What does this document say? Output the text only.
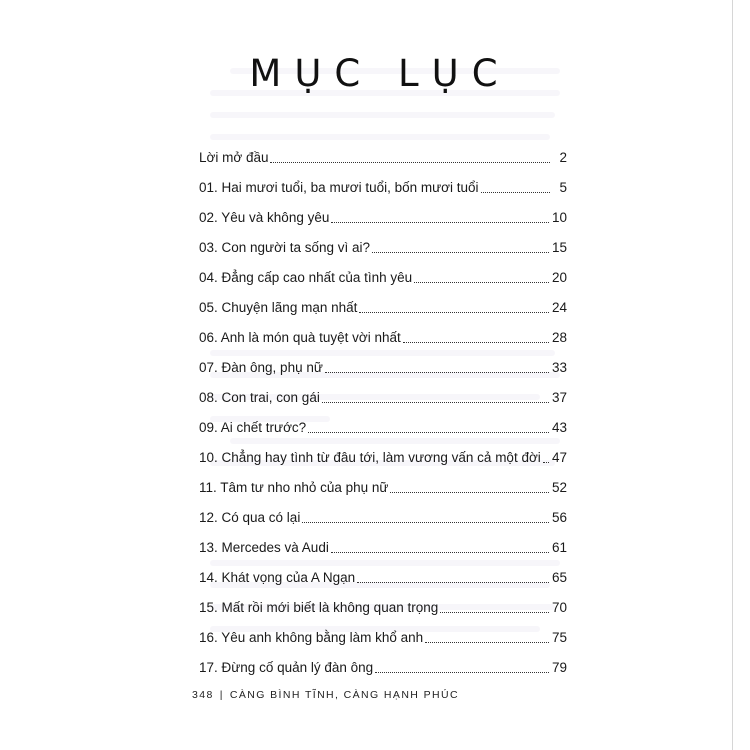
MỤC LỤC
Lời mở đầu	2
01. Hai mươi tuổi, ba mươi tuổi, bốn mươi tuổi	5
02. Yêu và không yêu	10
03. Con người ta sống vì ai?	15
04. Đẳng cấp cao nhất của tình yêu	20
05. Chuyện lãng mạn nhất	24
06. Anh là món quà tuyệt vời nhất	28
07. Đàn ông, phụ nữ	33
08. Con trai, con gái	37
09. Ai chết trước?	43
10. Chẳng hay tình từ đâu tới, làm vương vấn cả một đời 47
11. Tâm tư nho nhỏ của phụ nữ	52
12. Có qua có lại	56
13. Mercedes và Audi	61
14. Khát vọng của A Ngạn	65
15. Mất rồi mới biết là không quan trọng	70
16. Yêu anh không bằng làm khổ anh	75
17. Đừng cố quản lý đàn ông	79
348 | CÀNG BÌNH TĨNH, CÀNG HẠNH PHÚC
